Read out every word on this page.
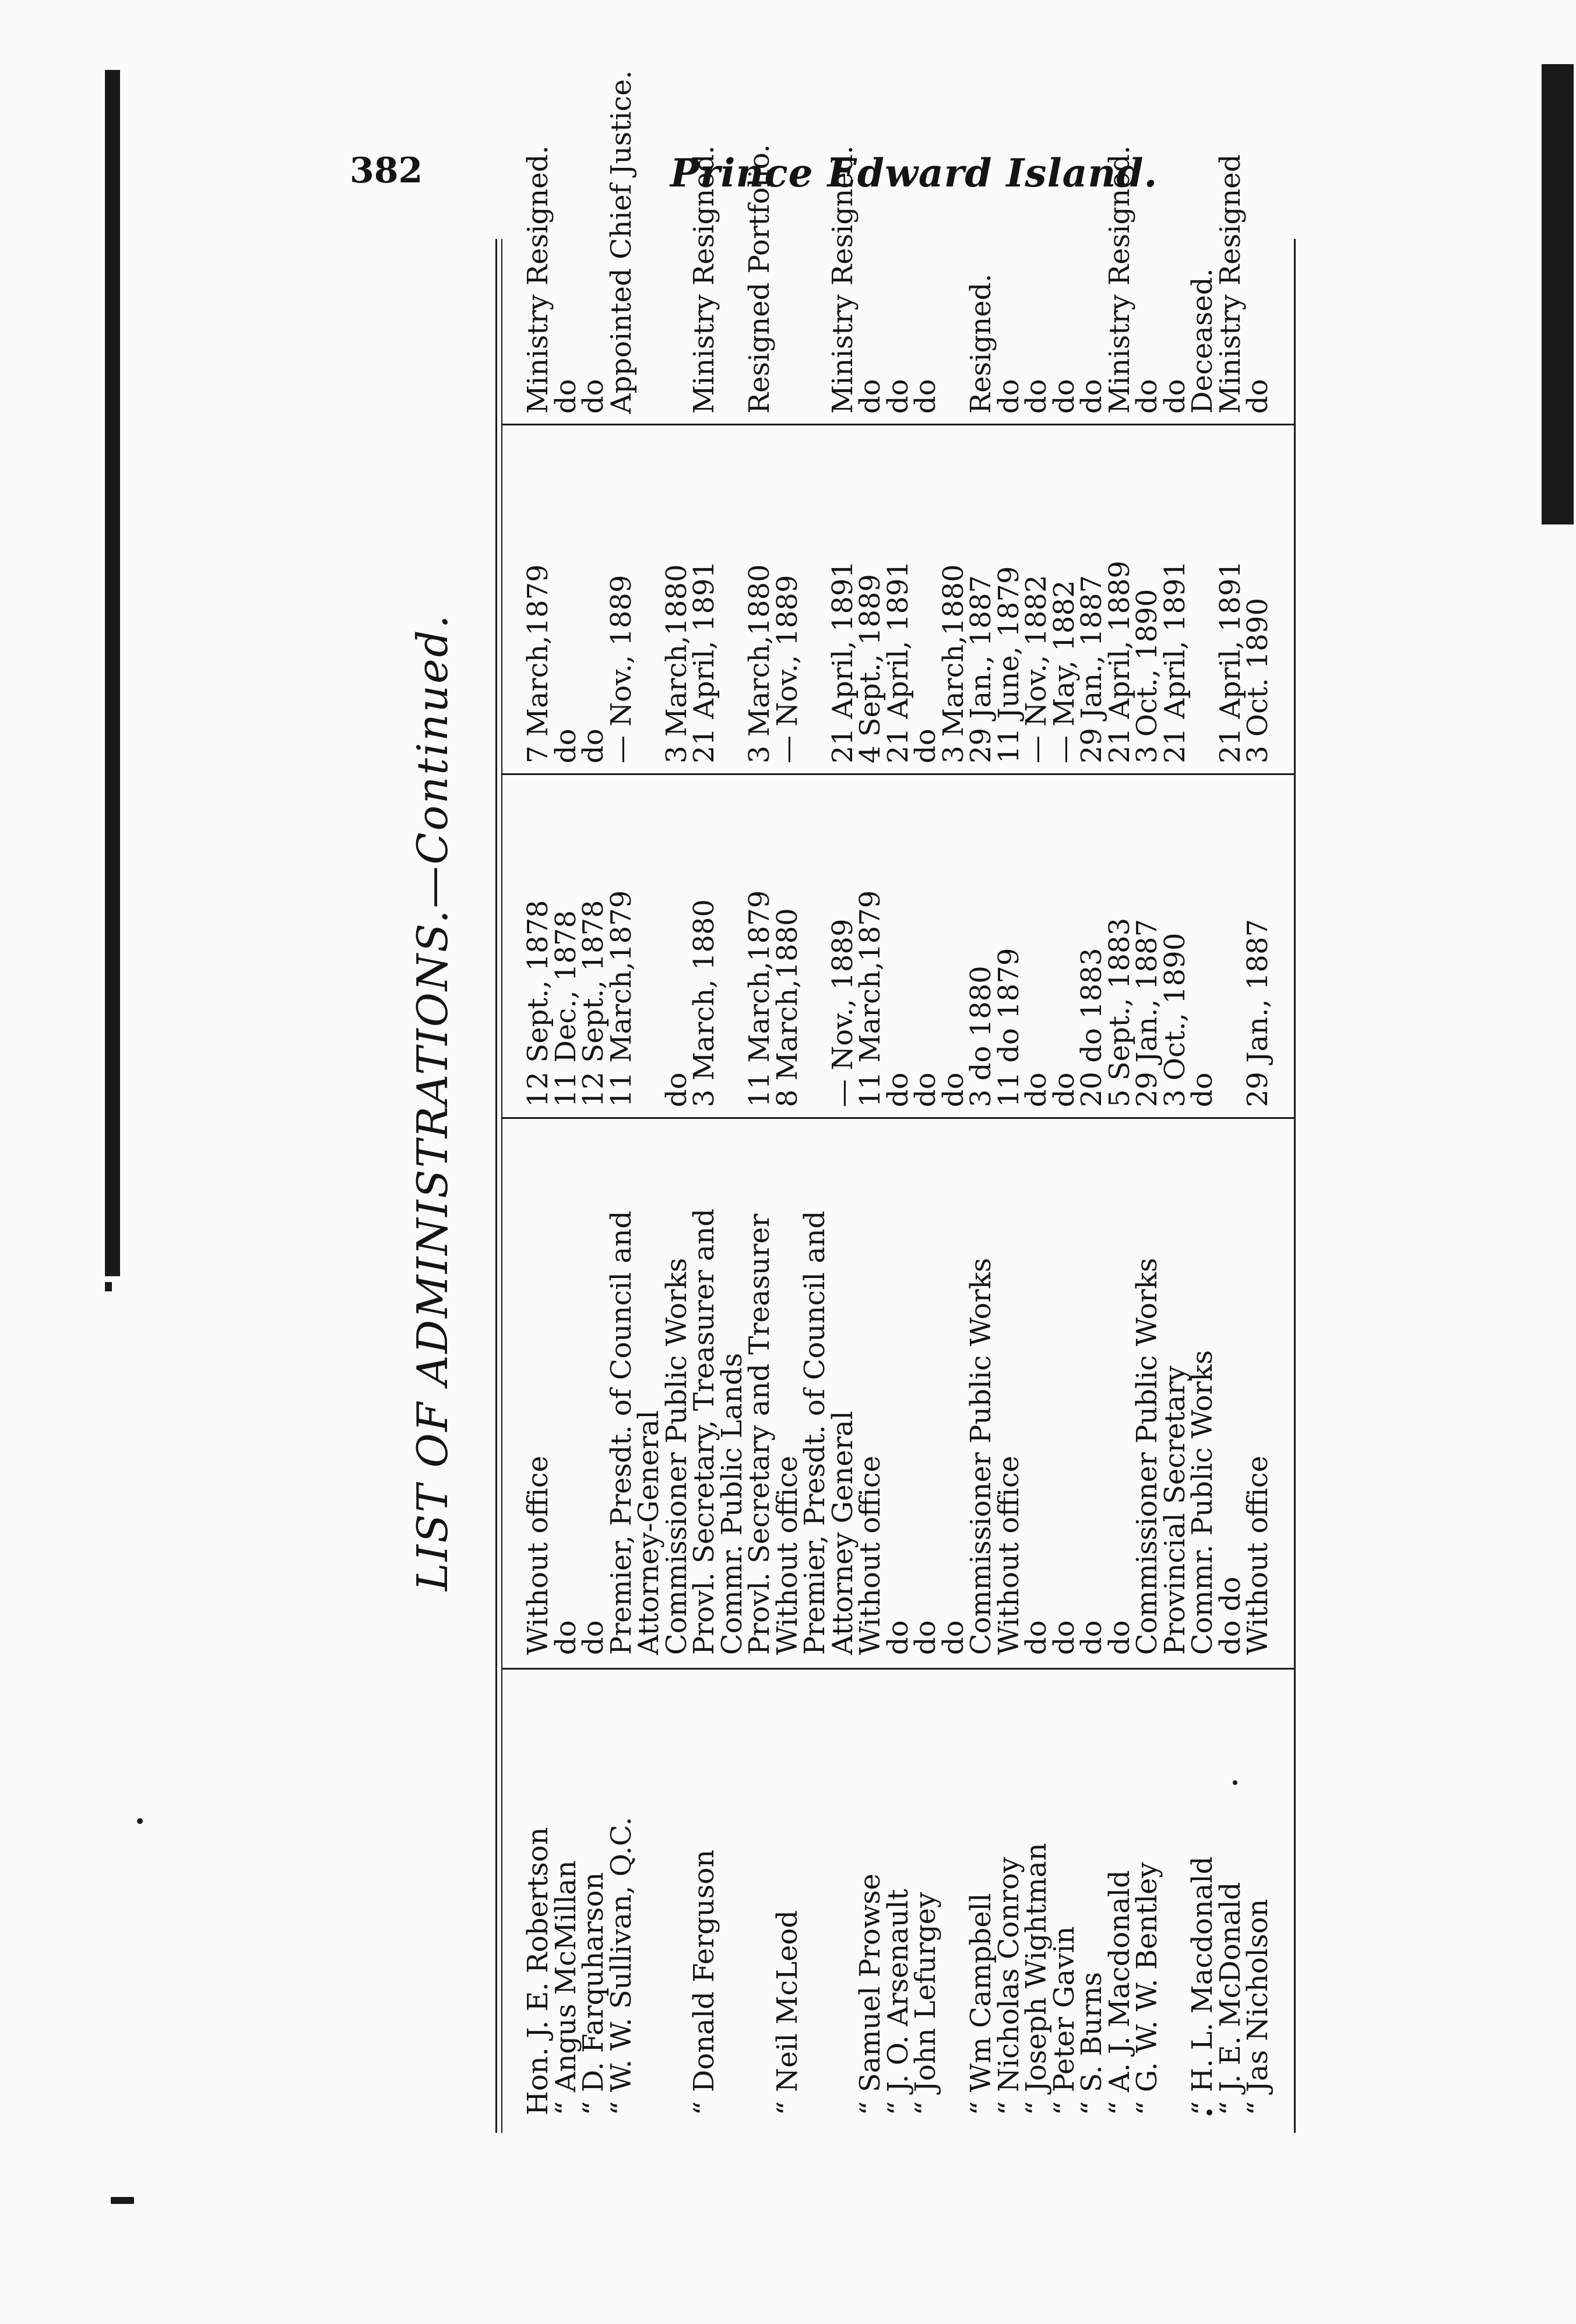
382	Prince Edward Island.
LIST OF ADMINISTRATIONS.—Continued.
Hon. J. E. Robertson
Without office
12 Sept., 1878
7 March,1879
Ministry Resigned.
“ Angus McMillan
do
11 Dec., 1878
do
do
“ D. Farquharson
do
12 Sept., 1878
do
do
“ W. W. Sullivan, Q.C.
Premier, Presdt. of Council and
11 March,1879
— Nov., 1889
Appointed Chief Justice.
Attorney-General
Commissioner Public Works
do
3 March,1880
“ Donald Ferguson
Provl. Secretary, Treasurer and
3 March, 1880
21 April, 1891
Ministry Resigned.
Commr. Public Lands
Provl. Secretary and Treasurer
11 March,1879
3 March,1880
Resigned Portfolio.
“ Neil McLeod
Without office
8 March,1880
— Nov., 1889
Premier, Presdt. of Council and
Attorney General
— Nov., 1889
21 April, 1891
Ministry Resigned.
“ Samuel Prowse
Without office
11 March,1879
4 Sept., 1889
do
“ J. O. Arsenault
do
do
21 April, 1891
do
“ John Lefurgey
do
do
do
do
do
do
3 March,1880
“ Wm Campbell
Commissioner Public Works
3 do 1880
29 Jan., 1887
Resigned.
“ Nicholas Conroy
Without office
11 do 1879
11 June, 1879
do
“ Joseph Wightman
do
do
— Nov., 1882
do
“ Peter Gavin
do
do
— May, 1882
do
“ S. Burns
do
20 do 1883
29 Jan., 1887
do
“ A. J. Macdonald
do
5 Sept., 1883
21 April, 1889
Ministry Resigned.
“ G. W. W. Bentley
Commissioner Public Works
29 Jan., 1887
3 Oct., 1890
do
Provincial Secretary
3 Oct., 1890
21 April, 1891
do
“ H. L. Macdonald
Commr. Public Works
do
Deceased.
“ J. E. McDonald
do do
21 April, 1891
Ministry Resigned
“ Jas Nicholson
Without office
29 Jan., 1887
3 Oct. 1890
do
